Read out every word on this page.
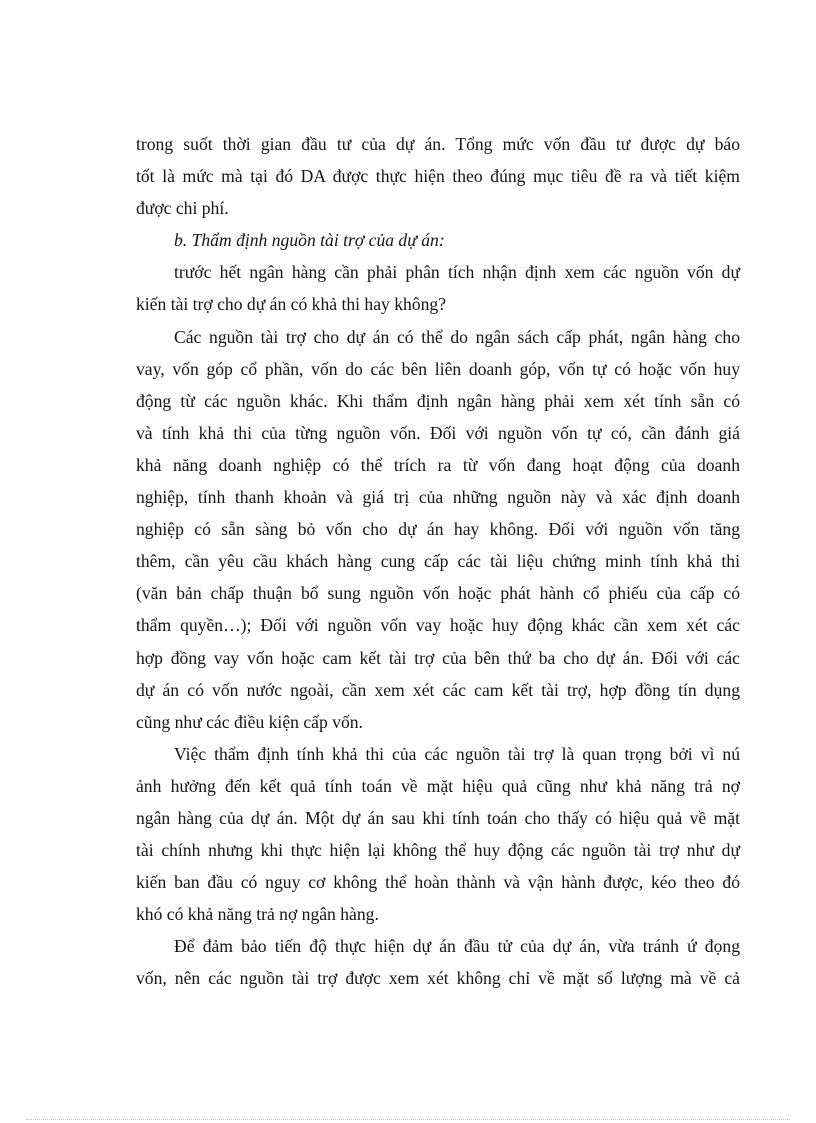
trong suốt thời gian đầu tư của dự án. Tổng mức vốn đầu tư được dự báo
tốt là mức mà tại đó DA được thực hiện theo đúng mục tiêu đề ra và tiết kiệm
được chi phí.
b. Thẩm định nguồn tài trợ của dự án:
trước hết ngân hàng cần phải phân tích nhận định xem các nguồn vốn dự
kiến tài trợ cho dự án có khả thi hay không?
Các nguồn tài trợ cho dự án có thể do ngân sách cấp phát, ngân hàng cho
vay, vốn góp cổ phần, vốn do các bên liên doanh góp, vốn tự có hoặc vốn huy
động từ các nguồn khác. Khi thẩm định ngân hàng phải xem xét tính sẵn có
và tính khả thi của từng nguồn vốn. Đối với nguồn vốn tự có, cần đánh giá
khả năng doanh nghiệp có thể trích ra từ vốn đang hoạt động của doanh
nghiệp, tính thanh khoản và giá trị của những nguồn này và xác định doanh
nghiệp có sẵn sàng bỏ vốn cho dự án hay không. Đối với nguồn vốn tăng
thêm, cần yêu cầu khách hàng cung cấp các tài liệu chứng minh tính khả thi
(văn bản chấp thuận bổ sung nguồn vốn hoặc phát hành cổ phiếu của cấp có
thẩm quyền…); Đối với nguồn vốn vay hoặc huy động khác cần xem xét các
hợp đồng vay vốn hoặc cam kết tài trợ của bên thứ ba cho dự án. Đối với các
dự án có vốn nước ngoài, cần xem xét các cam kết tài trợ, hợp đồng tín dụng
cũng như các điều kiện cấp vốn.
Việc thẩm định tính khả thi của các nguồn tài trợ là quan trọng bởi vì nú
ảnh hưởng đến kết quả tính toán về mặt hiệu quả cũng như khả năng trả nợ
ngân hàng của dự án. Một dự án sau khi tính toán cho thấy có hiệu quả về mặt
tài chính nhưng khi thực hiện lại không thể huy động các nguồn tài trợ như dự
kiến ban đầu có nguy cơ không thể hoàn thành và vận hành được, kéo theo đó
khó có khả năng trả nợ ngân hàng.
Để đảm bảo tiến độ thực hiện dự án đầu tử của dự án, vừa tránh ứ đọng
vốn, nên các nguồn tài trợ được xem xét không chỉ về mặt số lượng mà về cả
